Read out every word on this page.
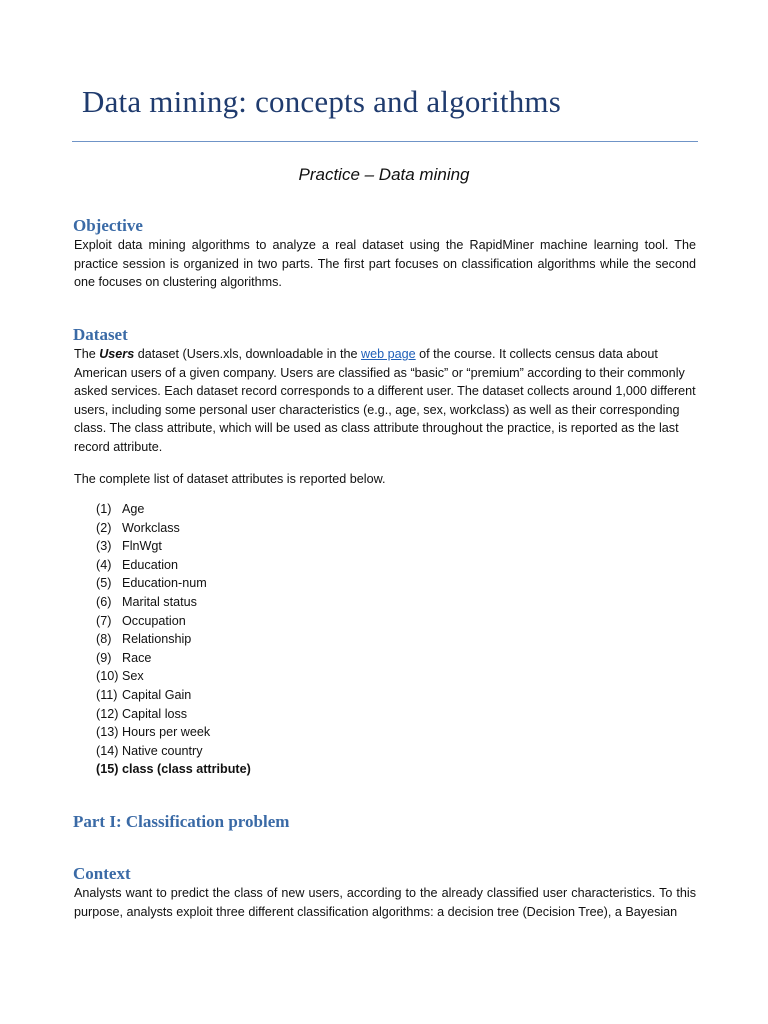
Data mining: concepts and algorithms
Practice – Data mining
Objective

Exploit data mining algorithms to analyze a real dataset using the RapidMiner machine learning tool. The practice session is organized in two parts. The first part focuses on classification algorithms while the second one focuses on clustering algorithms.

Dataset

The Users dataset (Users.xls, downloadable in the web page of the course. It collects census data about American users of a given company. Users are classified as “basic” or “premium” according to their commonly asked services. Each dataset record corresponds to a different user. The dataset collects around 1,000 different users, including some personal user characteristics (e.g., age, sex, workclass) as well as their corresponding class. The class attribute, which will be used as class attribute throughout the practice, is reported as the last record attribute.

The complete list of dataset attributes is reported below.

(1) Age
(2) Workclass
(3) FlnWgt
(4) Education
(5) Education-num
(6) Marital status
(7) Occupation
(8) Relationship
(9) Race
(10) Sex
(11) Capital Gain
(12) Capital loss
(13) Hours per week
(14) Native country
(15) class (class attribute)
Part I: Classification problem
Context

Analysts want to predict the class of new users, according to the already classified user characteristics. To this purpose, analysts exploit three different classification algorithms: a decision tree (Decision Tree), a Bayesian
